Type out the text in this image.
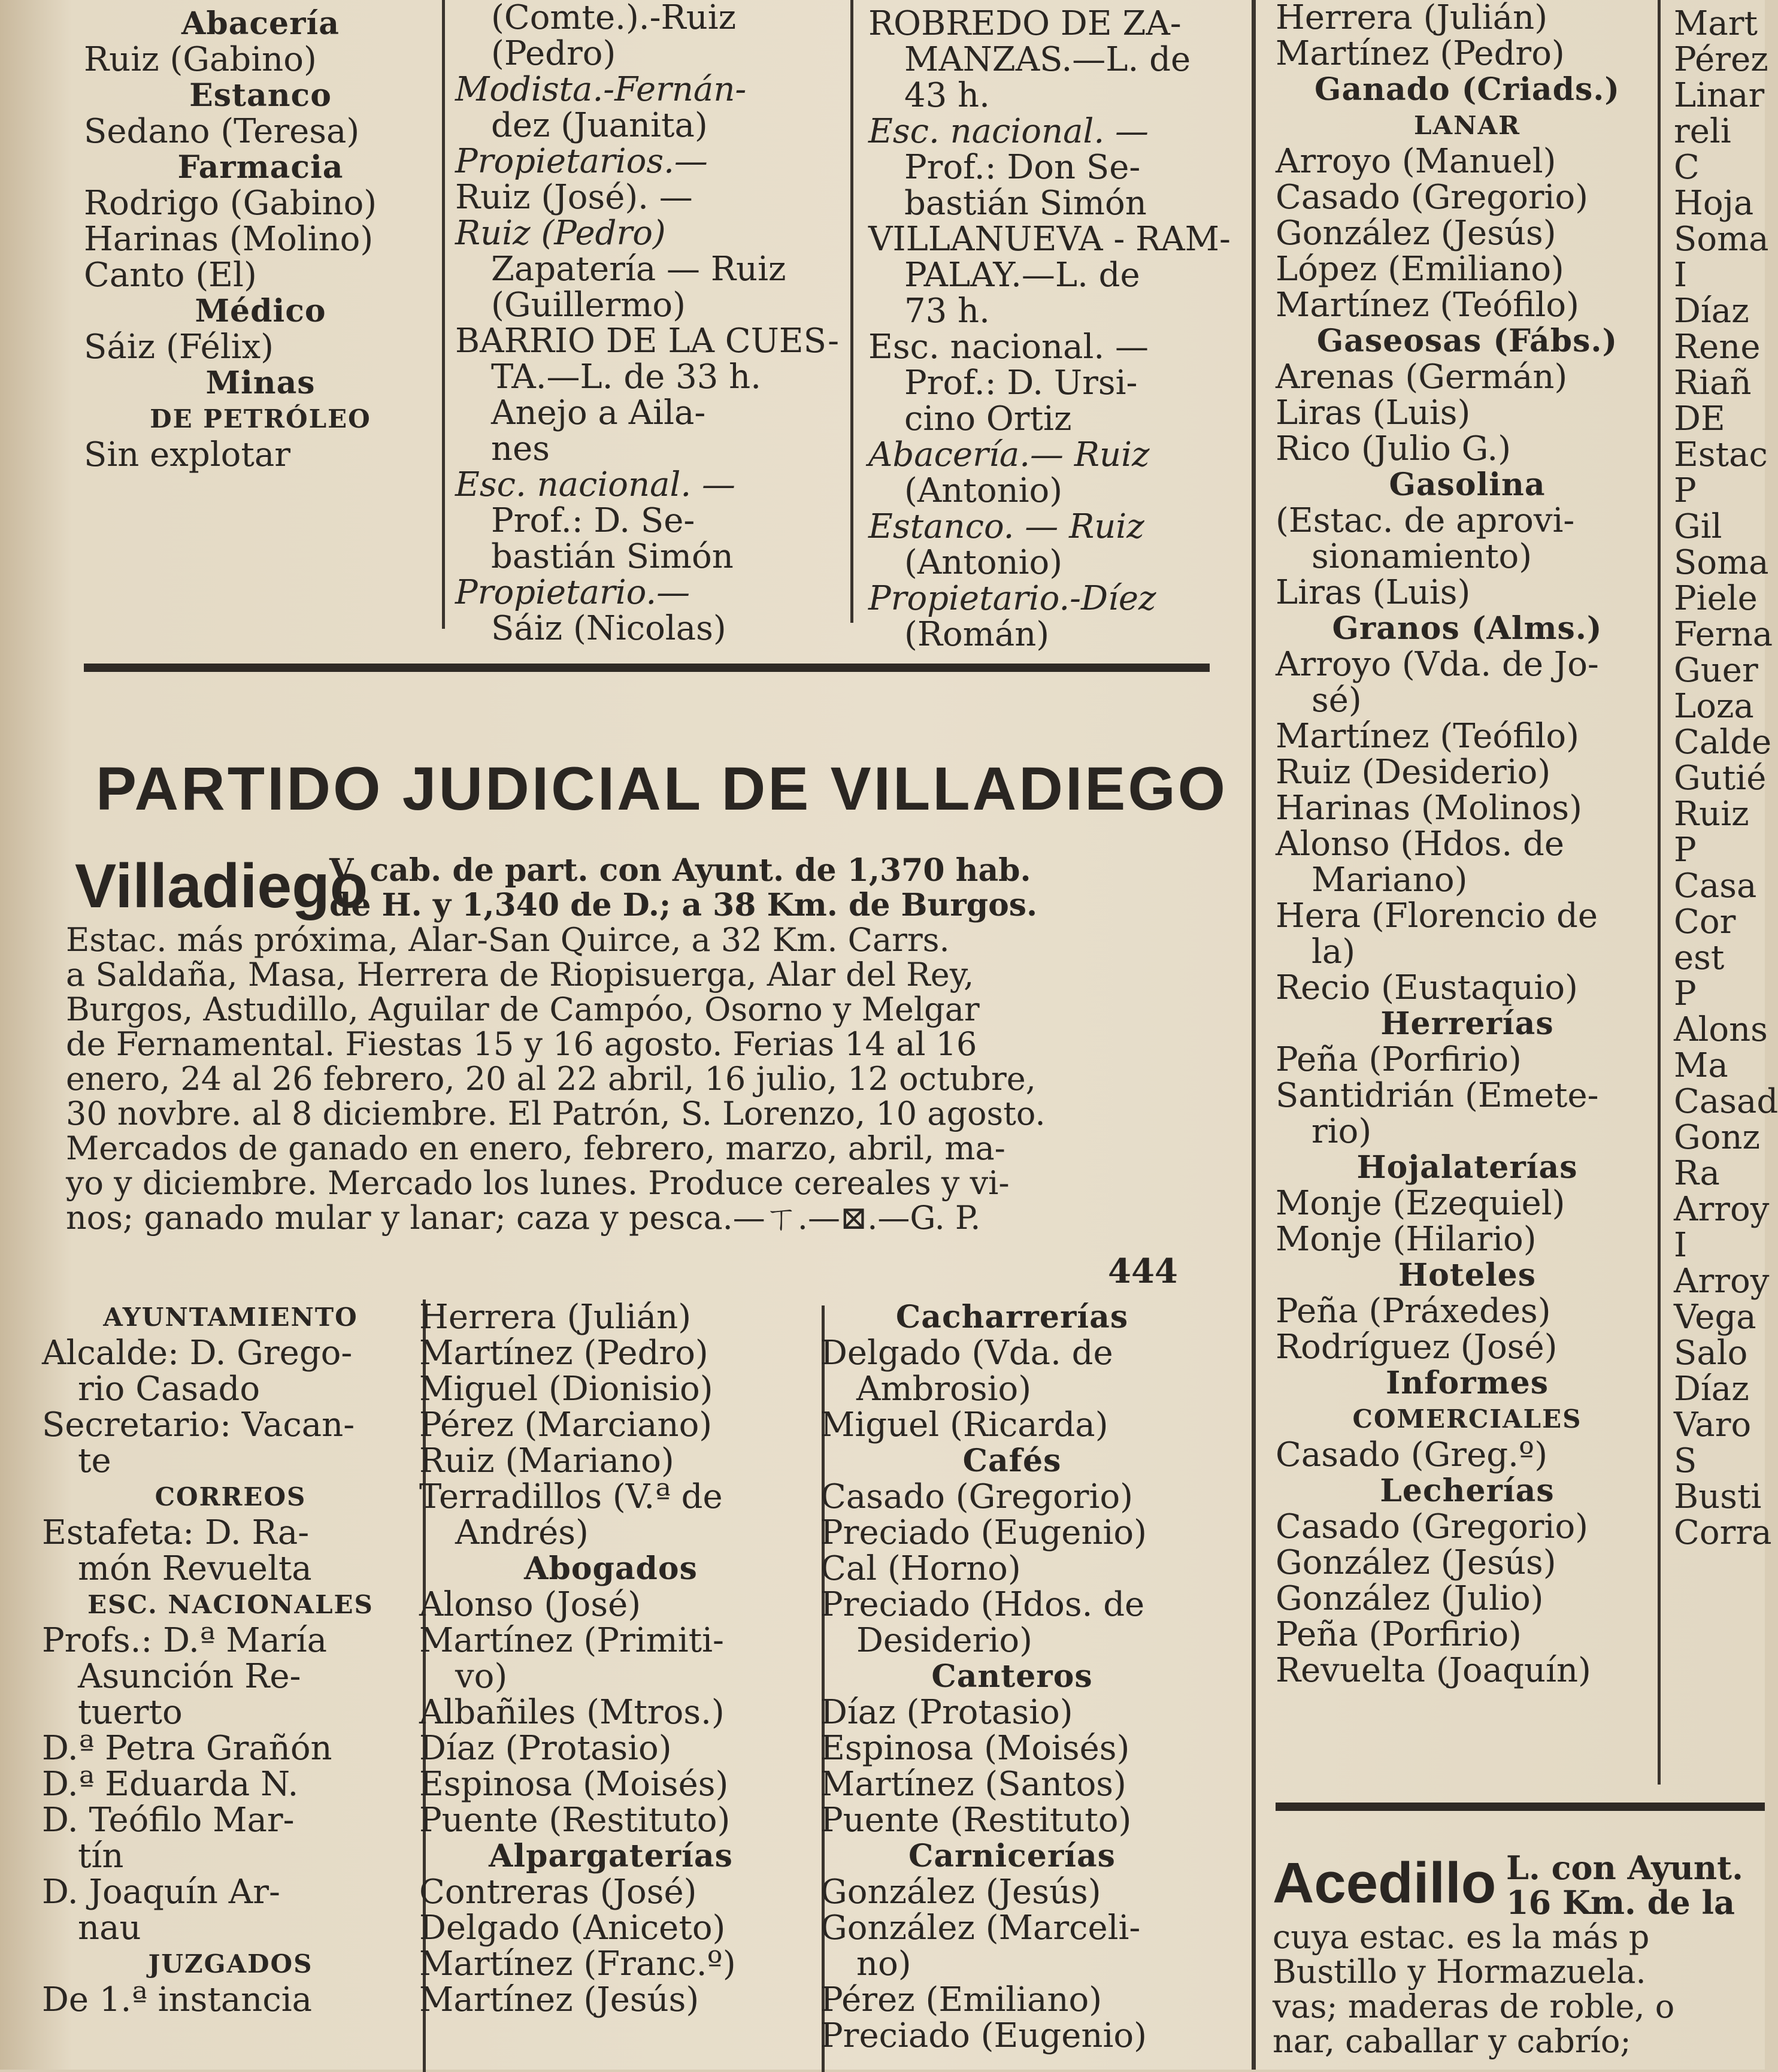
Abacería
Ruiz (Gabino)
Estanco
Sedano (Teresa)
Farmacia
Rodrigo (Gabino)
Harinas (Molino)
Canto (El)
Médico
Sáiz (Félix)
Minas
DE PETRÓLEO
Sin explotar
(Comte.).-Ruiz
(Pedro)
Modista.-Fernán-
dez (Juanita)
Propietarios.—
Ruiz (José). —
Ruiz (Pedro)
Zapatería — Ruiz
(Guillermo)
BARRIO DE LA CUES-
TA.—L. de 33 h.
Anejo a Aila-
nes
Esc. nacional. —
Prof.: D. Se-
bastián Simón
Propietario.—
Sáiz (Nicolas)
ROBREDO DE ZA-
MANZAS.—L. de
43 h.
Esc. nacional. —
Prof.: Don Se-
bastián Simón
VILLANUEVA - RAM-
PALAY.—L. de
73 h.
Esc. nacional. —
Prof.: D. Ursi-
cino Ortiz
Abacería.— Ruiz
(Antonio)
Estanco. — Ruiz
(Antonio)
Propietario.-Díez
(Román)
PARTIDO JUDICIAL DE VILLADIEGO
Villadiego
V. cab. de part. con Ayunt. de 1,370 hab.
de H. y 1,340 de D.; a 38 Km. de Burgos.
Estac. más próxima, Alar-San Quirce, a 32 Km. Carrs.
a Saldaña, Masa, Herrera de Riopisuerga, Alar del Rey,
Burgos, Astudillo, Aguilar de Campóo, Osorno y Melgar
de Fernamental. Fiestas 15 y 16 agosto. Ferias 14 al 16
enero, 24 al 26 febrero, 20 al 22 abril, 16 julio, 12 octubre,
30 novbre. al 8 diciembre. El Patrón, S. Lorenzo, 10 agosto.
Mercados de ganado en enero, febrero, marzo, abril, ma-
yo y diciembre. Mercado los lunes. Produce cereales y vi-
nos; ganado mular y lanar; caza y pesca.—ㄒ.—⊠.—G. P.
444
AYUNTAMIENTO
Alcalde: D. Grego-
rio Casado
Secretario: Vacan-
te
CORREOS
Estafeta: D. Ra-
món Revuelta
ESC. NACIONALES
Profs.: D.ª María
Asunción Re-
tuerto
D.ª Petra Grañón
D.ª Eduarda N.
D. Teófilo Mar-
tín
D. Joaquín Ar-
nau
JUZGADOS
De 1.ª instancia
Herrera (Julián)
Martínez (Pedro)
Miguel (Dionisio)
Pérez (Marciano)
Ruiz (Mariano)
Terradillos (V.ª de
Andrés)
Abogados
Alonso (José)
Martínez (Primiti-
vo)
Albañiles (Mtros.)
Díaz (Protasio)
Espinosa (Moisés)
Puente (Restituto)
Alpargaterías
Contreras (José)
Delgado (Aniceto)
Martínez (Franc.º)
Martínez (Jesús)
Cacharrerías
Delgado (Vda. de
Ambrosio)
Miguel (Ricarda)
Cafés
Casado (Gregorio)
Preciado (Eugenio)
Cal (Horno)
Preciado (Hdos. de
Desiderio)
Canteros
Díaz (Protasio)
Espinosa (Moisés)
Martínez (Santos)
Puente (Restituto)
Carnicerías
González (Jesús)
González (Marceli-
no)
Pérez (Emiliano)
Preciado (Eugenio)
Herrera (Julián)
Martínez (Pedro)
Ganado (Criads.)
LANAR
Arroyo (Manuel)
Casado (Gregorio)
González (Jesús)
López (Emiliano)
Martínez (Teófilo)
Gaseosas (Fábs.)
Arenas (Germán)
Liras (Luis)
Rico (Julio G.)
Gasolina
(Estac. de aprovi-
sionamiento)
Liras (Luis)
Granos (Alms.)
Arroyo (Vda. de Jo-
sé)
Martínez (Teófilo)
Ruiz (Desiderio)
Harinas (Molinos)
Alonso (Hdos. de
Mariano)
Hera (Florencio de
la)
Recio (Eustaquio)
Herrerías
Peña (Porfirio)
Santidrián (Emete-
rio)
Hojalaterías
Monje (Ezequiel)
Monje (Hilario)
Hoteles
Peña (Práxedes)
Rodríguez (José)
Informes
COMERCIALES
Casado (Greg.º)
Lecherías
Casado (Gregorio)
González (Jesús)
González (Julio)
Peña (Porfirio)
Revuelta (Joaquín)
Mart
Pérez
Linar
reli
C
Hoja
Soma
I
Díaz
Rene
Riañ
DE
Estac
P
Gil
Soma
Piele
Ferna
Guer
Loza
Calde
Gutié
Ruiz
P
Casa
Cor
est
P
Alons
Ma
Casad
Gonz
Ra
Arroy
I
Arroy
Vega
Salo
Díaz
Varo
S
Busti
Corra
Acedillo L. con Ayunt.
16 Km. de la
cuya estac. es la más p
Bustillo y Hormazuela.
vas; maderas de roble, o
nar, caballar y cabrío;
